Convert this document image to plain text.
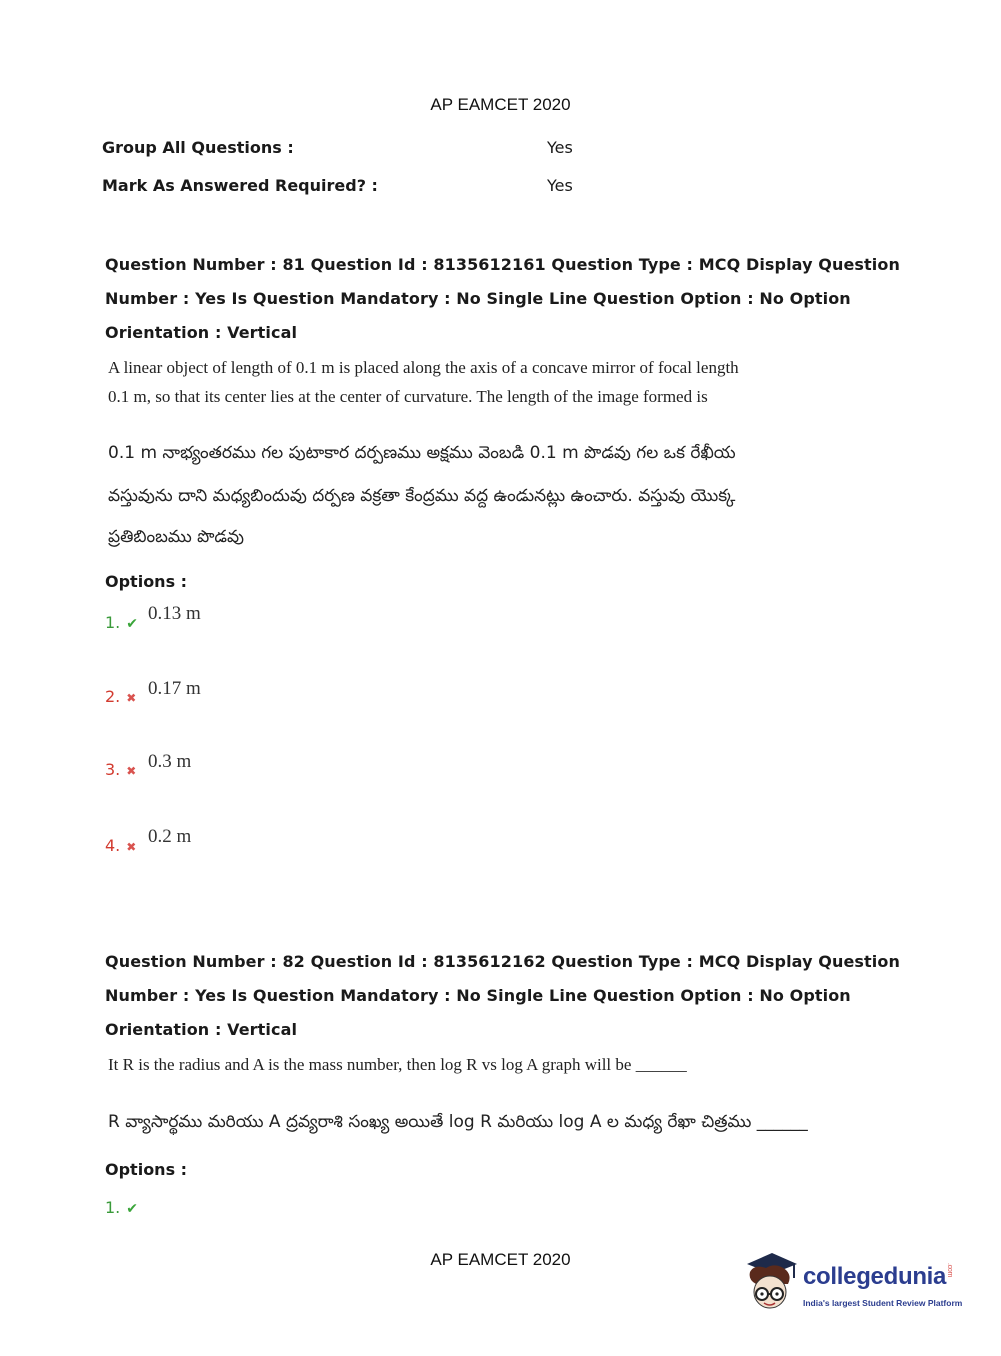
AP EAMCET 2020
Group All Questions :	Yes
Mark As Answered Required? :	Yes
Question Number : 81 Question Id : 8135612161 Question Type : MCQ Display Question
Number : Yes Is Question Mandatory : No Single Line Question Option : No Option
Orientation : Vertical
A linear object of length of 0.1 m is placed along the axis of a concave mirror of focal length
0.1 m, so that its center lies at the center of curvature. The length of the image formed is
0.1 m నాభ్యంతరము గల పుటాకార దర్పణము అక్షము వెంబడి 0.1 m పొడవు గల ఒక రేఖీయ
వస్తువును దాని మధ్యబిందువు దర్పణ వక్రతా కేంద్రము వద్ద ఉండునట్లు ఉంచారు. వస్తువు యొక్క
ప్రతిబింబము పొడవు
Options :
1. ✔ 0.13 m
2. ✖ 0.17 m
3. ✖ 0.3 m
4. ✖ 0.2 m
Question Number : 82 Question Id : 8135612162 Question Type : MCQ Display Question
Number : Yes Is Question Mandatory : No Single Line Question Option : No Option
Orientation : Vertical
It R is the radius and A is the mass number, then log R vs log A graph will be ______
R వ్యాసార్థము మరియు A ద్రవ్యరాశి సంఖ్య అయితే log R మరియు log A ల మధ్య రేఖా చిత్రము ______
Options :
1. ✔
AP EAMCET 2020
collegedunia.com
India's largest Student Review Platform
